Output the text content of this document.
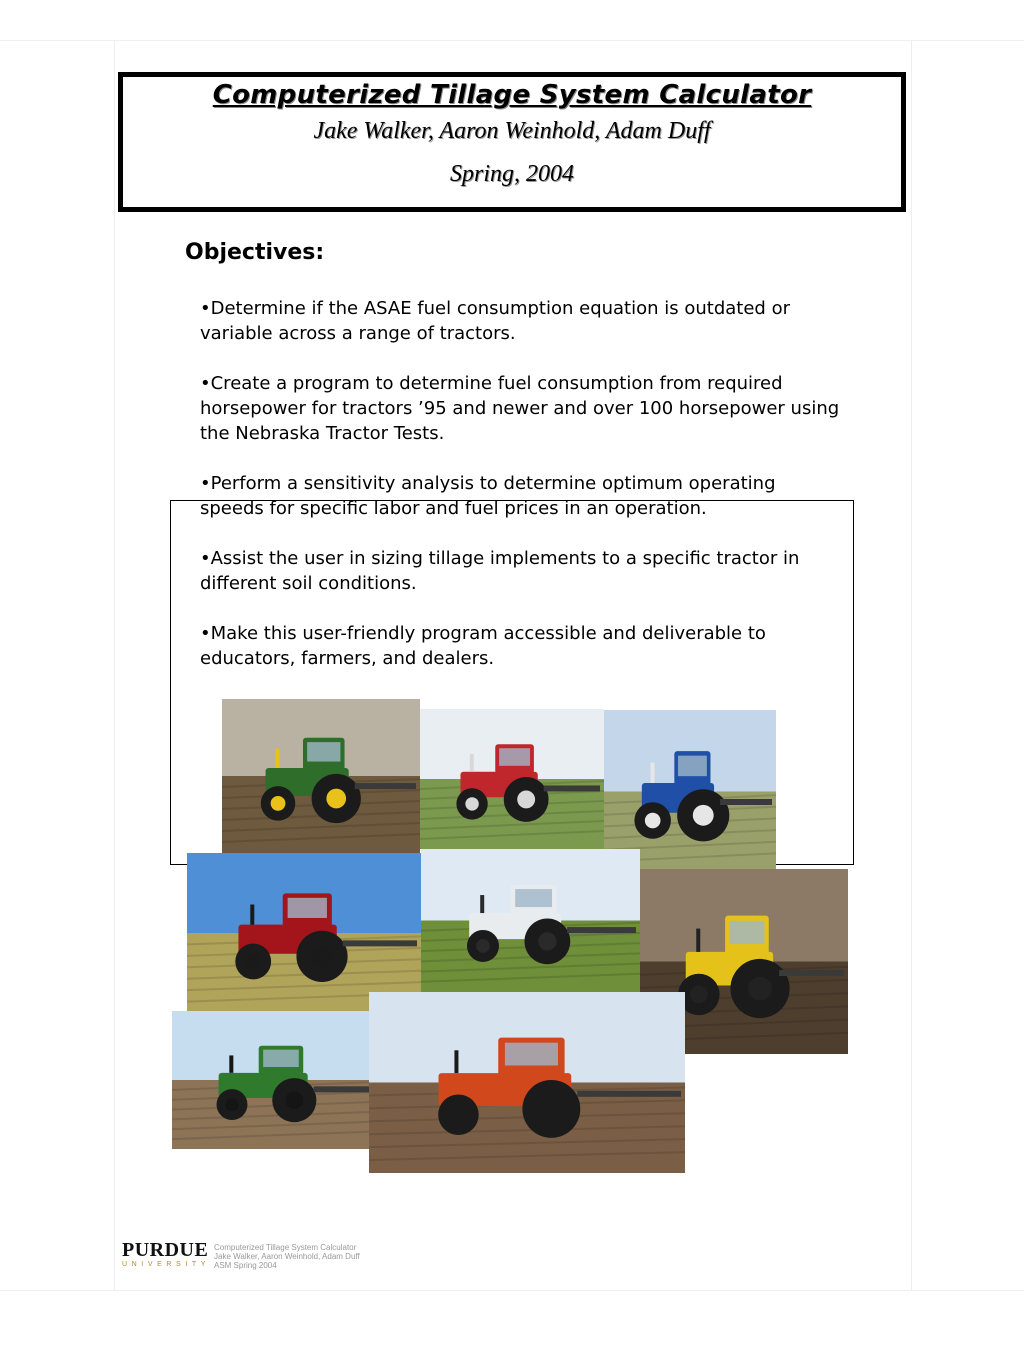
Computerized Tillage System Calculator
Jake Walker, Aaron Weinhold, Adam Duff
Spring, 2004
Objectives:
•Determine if the ASAE fuel consumption equation is outdated or variable across a range of tractors.
•Create a program to determine fuel consumption from required horsepower for tractors ’95 and newer and over 100 horsepower using the Nebraska Tractor Tests.
•Perform a sensitivity analysis to determine optimum operating speeds for specific labor and fuel prices in an operation.
•Assist the user in sizing tillage implements to a specific tractor in different soil conditions.
•Make this user-friendly program accessible and deliverable to educators, farmers, and dealers.
PURDUE
UNIVERSITY
Computerized Tillage System Calculator
Jake Walker, Aaron Weinhold, Adam Duff
ASM Spring 2004
